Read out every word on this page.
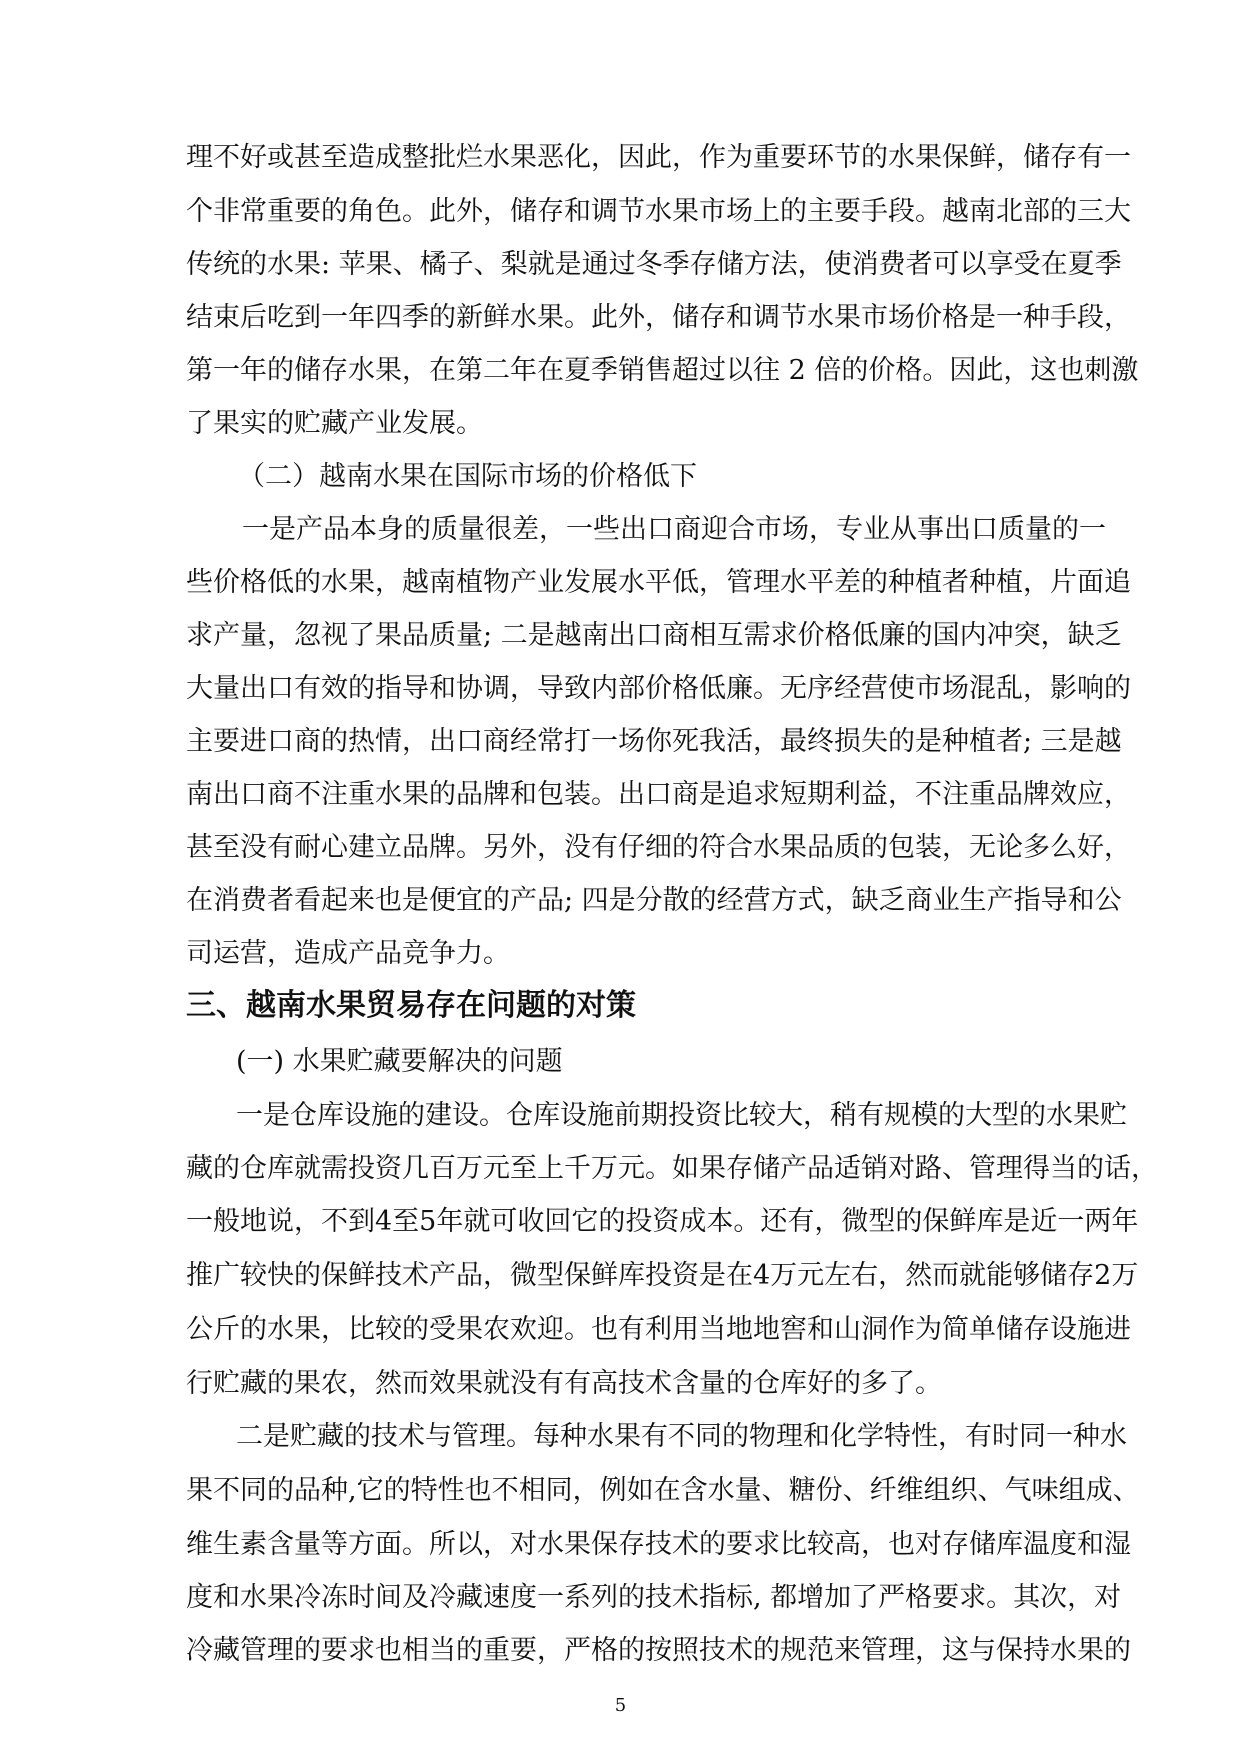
理不好或甚至造成整批烂水果恶化，因此，作为重要环节的水果保鲜，储存有一
个非常重要的角色。此外，储存和调节水果市场上的主要手段。越南北部的三大
传统的水果: 苹果、橘子、梨就是通过冬季存储方法，使消费者可以享受在夏季
结束后吃到一年四季的新鲜水果。此外，储存和调节水果市场价格是一种手段，
第一年的储存水果，在第二年在夏季销售超过以往 2 倍的价格。因此，这也刺激
了果实的贮藏产业发展。
（二）越南水果在国际市场的价格低下
一是产品本身的质量很差，一些出口商迎合市场，专业从事出口质量的一
些价格低的水果，越南植物产业发展水平低，管理水平差的种植者种植，片面追
求产量，忽视了果品质量; 二是越南出口商相互需求价格低廉的国内冲突，缺乏
大量出口有效的指导和协调，导致内部价格低廉。无序经营使市场混乱，影响的
主要进口商的热情，出口商经常打一场你死我活，最终损失的是种植者; 三是越
南出口商不注重水果的品牌和包装。出口商是追求短期利益，不注重品牌效应，
甚至没有耐心建立品牌。另外，没有仔细的符合水果品质的包装，无论多么好，
在消费者看起来也是便宜的产品; 四是分散的经营方式，缺乏商业生产指导和公
司运营，造成产品竞争力。
三、越南水果贸易存在问题的对策
(一) 水果贮藏要解决的问题
一是仓库设施的建设。仓库设施前期投资比较大，稍有规模的大型的水果贮
藏的仓库就需投资几百万元至上千万元。如果存储产品适销对路、管理得当的话，
一般地说，不到4至5年就可收回它的投资成本。还有，微型的保鲜库是近一两年
推广较快的保鲜技术产品，微型保鲜库投资是在4万元左右，然而就能够储存2万
公斤的水果，比较的受果农欢迎。也有利用当地地窖和山洞作为简单储存设施进
行贮藏的果农，然而效果就没有有高技术含量的仓库好的多了。
二是贮藏的技术与管理。每种水果有不同的物理和化学特性，有时同一种水
果不同的品种,它的特性也不相同，例如在含水量、糖份、纤维组织、气味组成、
维生素含量等方面。所以，对水果保存技术的要求比较高，也对存储库温度和湿
度和水果冷冻时间及冷藏速度一系列的技术指标, 都增加了严格要求。其次，对
冷藏管理的要求也相当的重要，严格的按照技术的规范来管理，这与保持水果的
5
